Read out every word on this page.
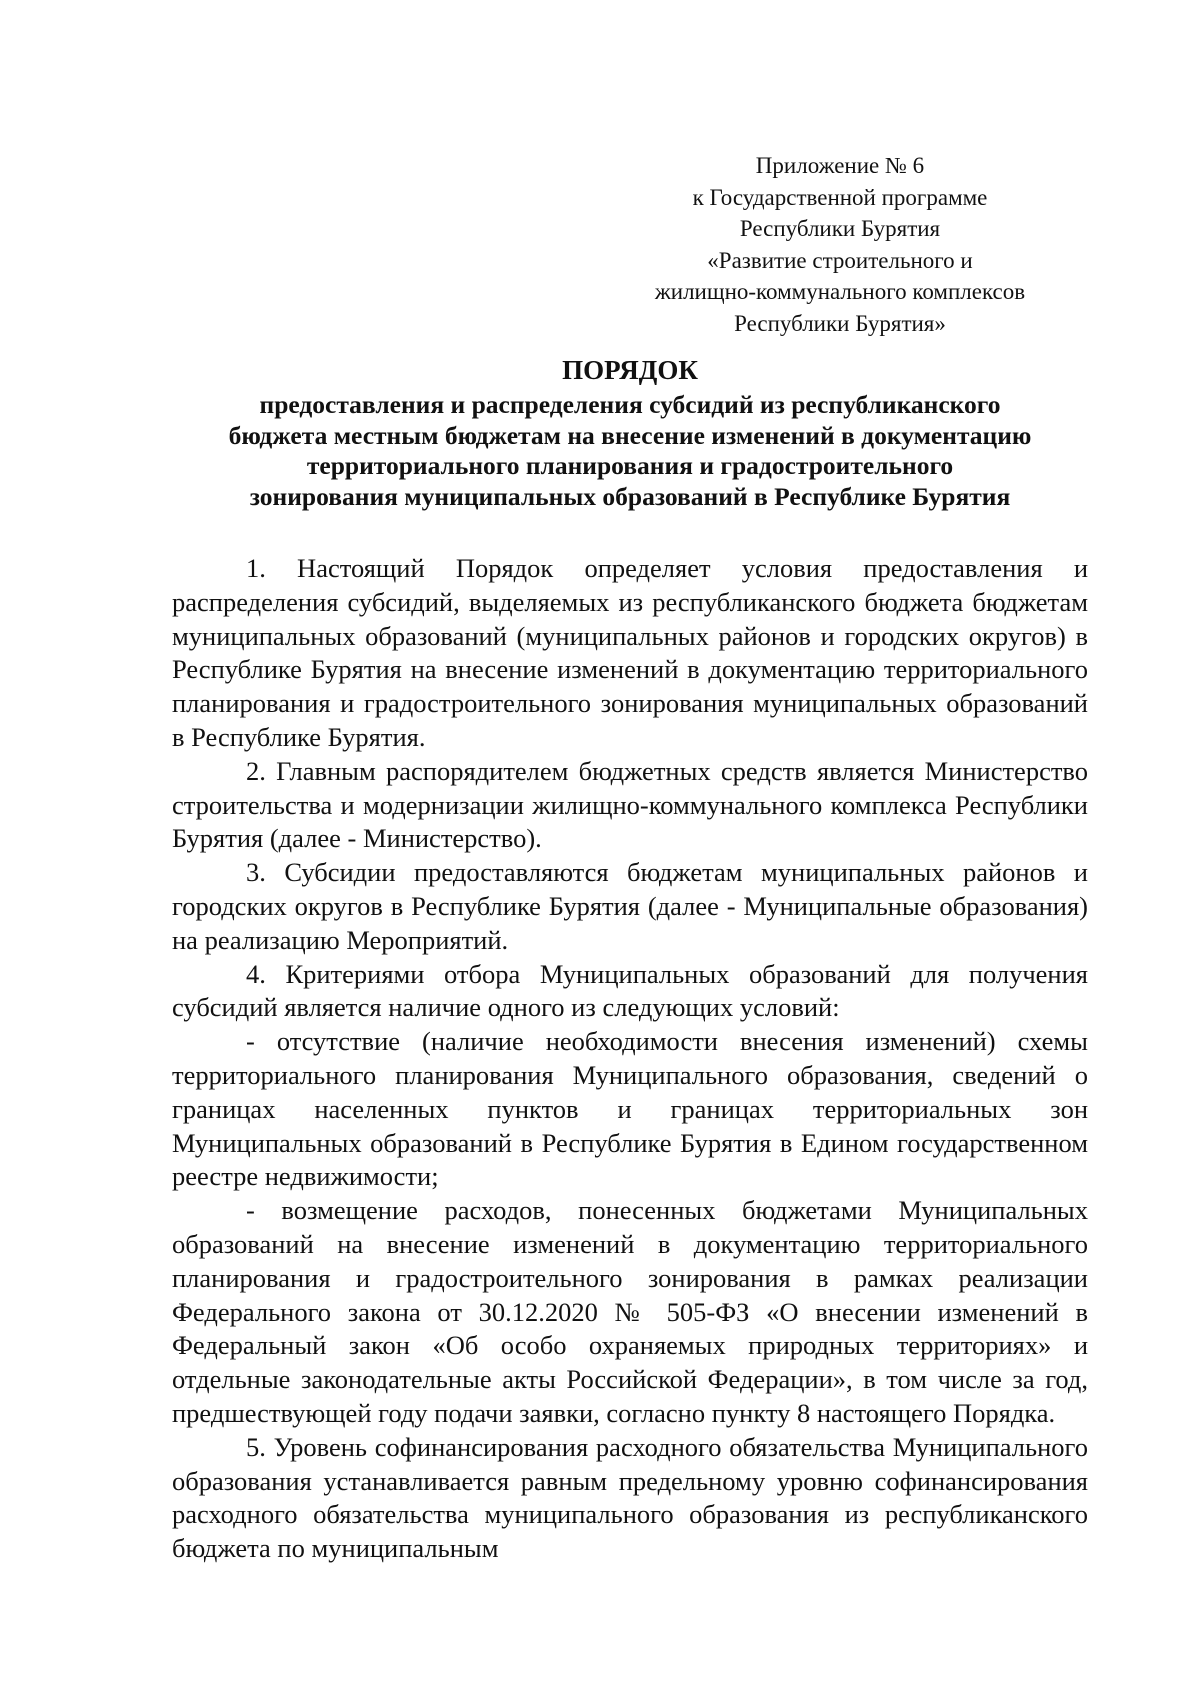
Приложение № 6
к Государственной программе
Республики Бурятия
«Развитие строительного и
жилищно-коммунального комплексов
Республики Бурятия»
ПОРЯДОК
предоставления и распределения субсидий из республиканского
бюджета местным бюджетам на внесение изменений в документацию
территориального планирования и градостроительного
зонирования муниципальных образований в Республике Бурятия

1. Настоящий Порядок определяет условия предоставления и распределения субсидий, выделяемых из республиканского бюджета бюджетам муниципальных образований (муниципальных районов и городских округов) в Республике Бурятия на внесение изменений в документацию территориального планирования и градостроительного зонирования муниципальных образований в Республике Бурятия.

2. Главным распорядителем бюджетных средств является Министерство строительства и модернизации жилищно-коммунального комплекса Республики Бурятия (далее - Министерство).

3. Субсидии предоставляются бюджетам муниципальных районов и городских округов в Республике Бурятия (далее - Муниципальные образования) на реализацию Мероприятий.

4. Критериями отбора Муниципальных образований для получения субсидий является наличие одного из следующих условий:

- отсутствие (наличие необходимости внесения изменений) схемы территориального планирования Муниципального образования, сведений о границах населенных пунктов и границах территориальных зон Муниципальных образований в Республике Бурятия в Едином государственном реестре недвижимости;

- возмещение расходов, понесенных бюджетами Муниципальных образований на внесение изменений в документацию территориального планирования и градостроительного зонирования в рамках реализации Федерального закона от 30.12.2020 № 505-ФЗ «О внесении изменений в Федеральный закон «Об особо охраняемых природных территориях» и отдельные законодательные акты Российской Федерации», в том числе за год, предшествующей году подачи заявки, согласно пункту 8 настоящего Порядка.

5. Уровень софинансирования расходного обязательства Муниципального образования устанавливается равным предельному уровню софинансирования расходного обязательства муниципального образования из республиканского бюджета по муниципальным
